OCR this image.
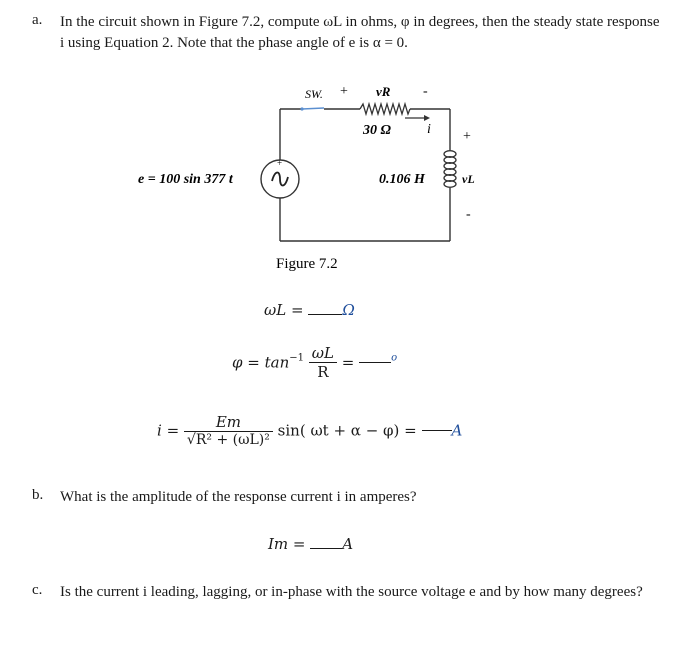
a. In the circuit shown in Figure 7.2, compute ωL in ohms, φ in degrees, then the steady state response i using Equation 2. Note that the phase angle of e is α = 0.
SW. + vR -
30 Ω	i
+
e = 100 sin 377 t	0.106 H
+
vL
-
Figure 7.2
ωL =	Ω
$\varphi = \tan^{-1} \frac{\omega L}{R}$ =	$^o$
$i = \frac{Em}{\text{√R² + (ωL)²}} \sin$( ωt + α − φ) = A
b. What is the amplitude of the response current i in amperes?
Im = A
c. Is the current i leading, lagging, or in-phase with the source voltage e and by how many degrees?
